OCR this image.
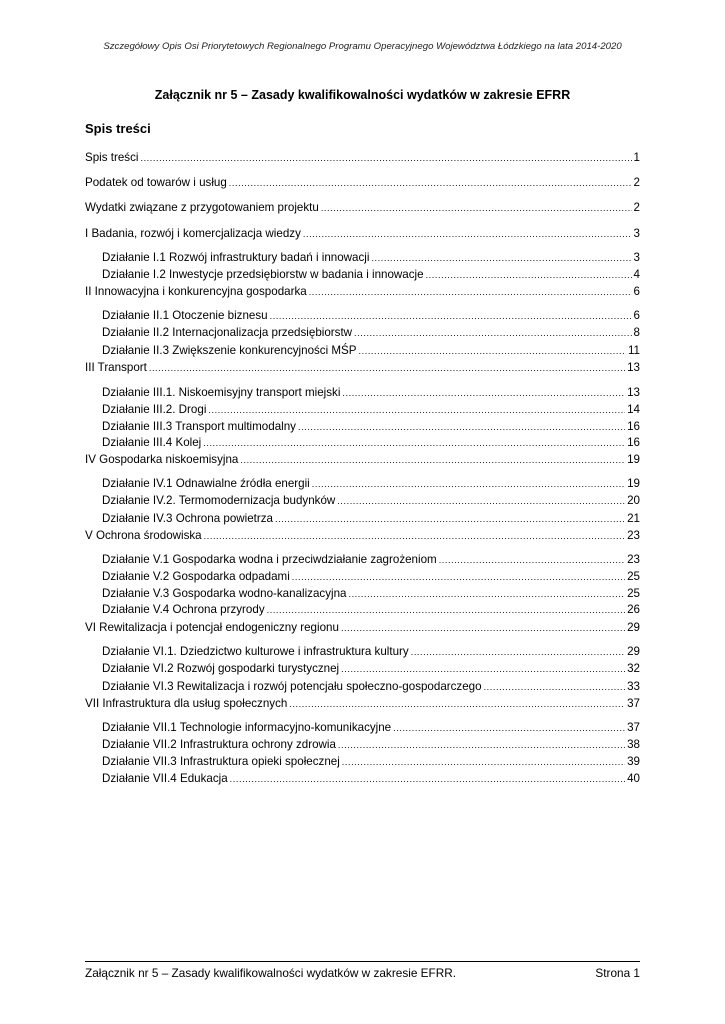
Szczegółowy Opis Osi Priorytetowych Regionalnego Programu Operacyjnego Województwa Łódzkiego na lata 2014-2020
Załącznik nr 5 – Zasady kwalifikowalności wydatków w zakresie EFRR
Spis treści
Spis treści .....	1
Podatek od towarów i usług .....	2
Wydatki związane z przygotowaniem projektu .....	2
I Badania, rozwój i komercjalizacja wiedzy .....	3
Działanie I.1 Rozwój infrastruktury badań i innowacji .....	3
Działanie I.2 Inwestycje przedsiębiorstw w badania i innowacje .....	4
II Innowacyjna i konkurencyjna gospodarka .....	6
Działanie II.1 Otoczenie biznesu .....	6
Działanie II.2 Internacjonalizacja przedsiębiorstw .....	8
Działanie II.3 Zwiększenie konkurencyjności MŚP .....	11
III Transport .....	13
Działanie III.1. Niskoemisyjny transport miejski .....	13
Działanie III.2. Drogi .....	14
Działanie III.3 Transport multimodalny .....	16
Działanie III.4 Kolej .....	16
IV Gospodarka niskoemisyjna .....	19
Działanie IV.1 Odnawialne źródła energii .....	19
Działanie IV.2. Termomodernizacja budynków .....	20
Działanie IV.3 Ochrona powietrza .....	21
V Ochrona środowiska .....	23
Działanie V.1 Gospodarka wodna i przeciwdziałanie zagrożeniom .....	23
Działanie V.2 Gospodarka odpadami .....	25
Działanie V.3 Gospodarka wodno-kanalizacyjna .....	25
Działanie V.4 Ochrona przyrody .....	26
VI Rewitalizacja i potencjał endogeniczny regionu .....	29
Działanie VI.1. Dziedzictwo kulturowe i infrastruktura kultury .....	29
Działanie VI.2 Rozwój gospodarki turystycznej .....	32
Działanie VI.3 Rewitalizacja i rozwój potencjału społeczno-gospodarczego .....	33
VII Infrastruktura dla usług społecznych .....	37
Działanie VII.1 Technologie informacyjno-komunikacyjne .....	37
Działanie VII.2 Infrastruktura ochrony zdrowia .....	38
Działanie VII.3 Infrastruktura opieki społecznej .....	39
Działanie VII.4 Edukacja .....	40
Załącznik nr 5 – Zasady kwalifikowalności wydatków w zakresie EFRR.	Strona 1
